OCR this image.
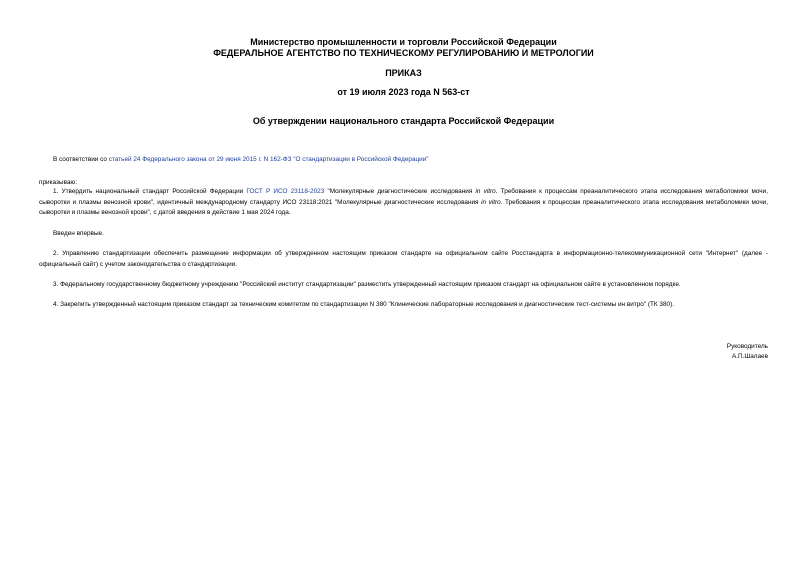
Министерство промышленности и торговли Российской Федерации
ФЕДЕРАЛЬНОЕ АГЕНТСТВО ПО ТЕХНИЧЕСКОМУ РЕГУЛИРОВАНИЮ И МЕТРОЛОГИИ
ПРИКАЗ
от 19 июля 2023 года N 563-ст
Об утверждении национального стандарта Российской Федерации
В соответствии со статьей 24 Федерального закона от 29 июня 2015 г. N 162-ФЗ "О стандартизации в Российской Федерации"
приказываю:
1. Утвердить национальный стандарт Российской Федерации ГОСТ Р ИСО 23118-2023 "Молекулярные диагностические исследования in vitro. Требования к процессам преаналитического этапа исследования метаболомики мочи, сыворотки и плазмы венозной крови", идентичный международному стандарту ИСО 23118:2021 "Молекулярные диагностические исследования in vitro. Требования к процессам преаналитического этапа исследования метаболомики мочи, сыворотки и плазмы венозной крови", с датой введения в действие 1 мая 2024 года.
Введен впервые.
2. Управлению стандартизации обеспечить размещение информации об утвержденном настоящим приказом стандарте на официальном сайте Росстандарта в информационно-телекоммуникационной сети "Интернет" (далее - официальный сайт) с учетом законодательства о стандартизации.
3. Федеральному государственному бюджетному учреждению "Российский институт стандартизации" разместить утвержденный настоящим приказом стандарт на официальном сайте в установленном порядке.
4. Закрепить утвержденный настоящим приказом стандарт за техническим комитетом по стандартизации N 380 "Клинические лабораторные исследования и диагностические тест-системы ин витро" (ТК 380).
Руководитель
А.П.Шалаев
